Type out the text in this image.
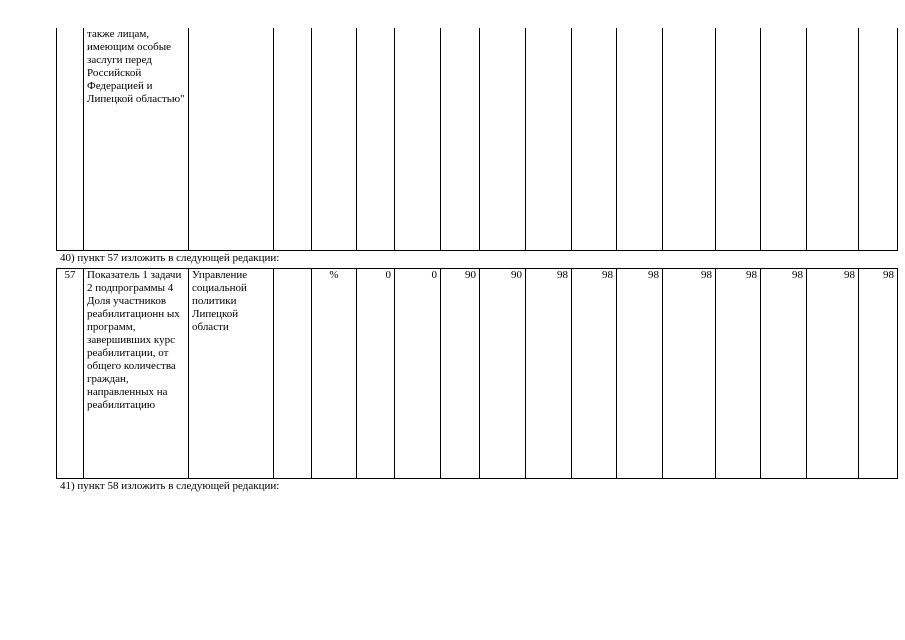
	также лицам, имеющим особые заслуги перед Российской Федерацией и Липецкой областью"															
40) пункт 57 изложить в следующей редакции:
57	Показатель 1 задачи 2 подпрограммы 4 Доля участников реабилитационн ых программ, завершивших курс реабилитации, от общего количества граждан, направленных на реабилитацию	Управление социальной политики Липецкой области		%	0	0	90	90	98	98	98	98	98	98	98	98
41) пункт 58 изложить в следующей редакции:
